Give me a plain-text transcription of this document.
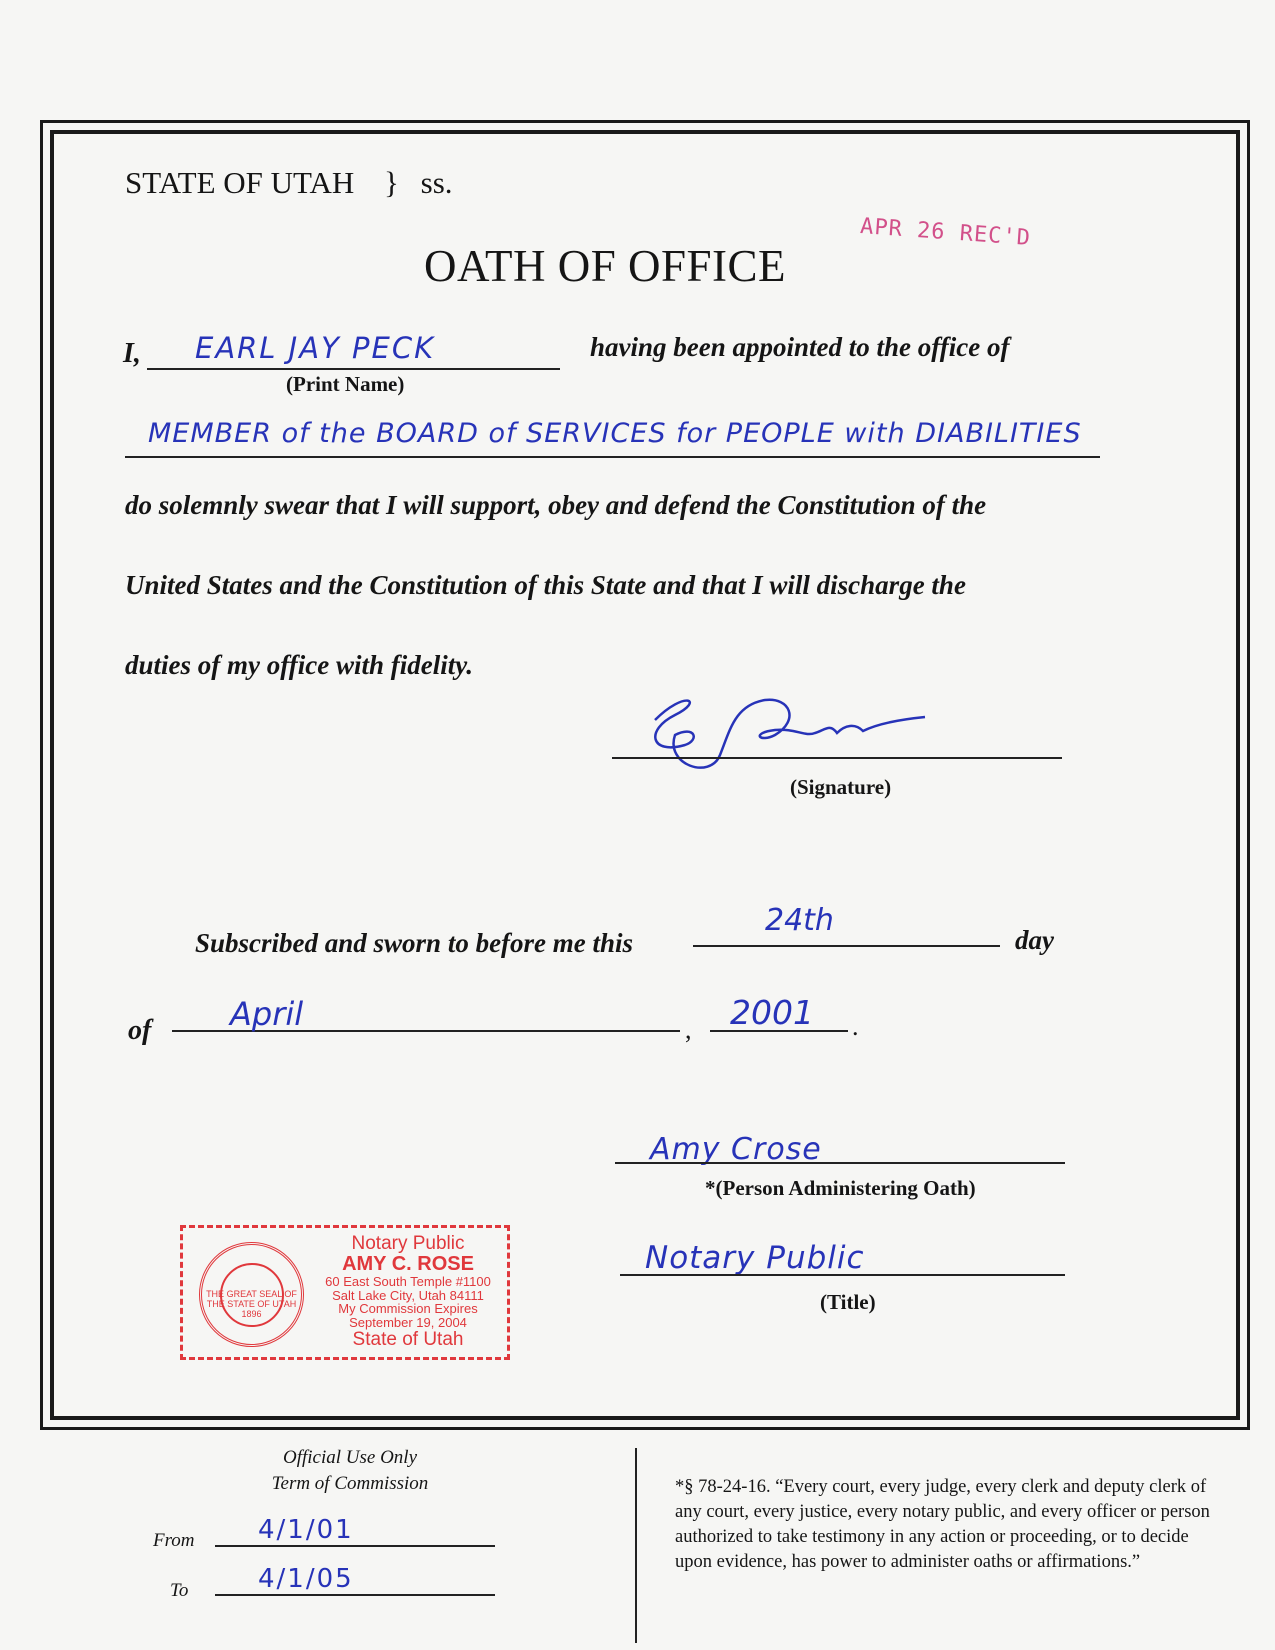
STATE OF UTAH } ss.
OATH OF OFFICE
APR 26 REC'D
I, EARL JAY PECK
(Print Name)
having been appointed to the office of
MEMBER of the BOARD of SERVICES for PEOPLE with DIABILITIES
do solemnly swear that I will support, obey and defend the Constitution of the
United States and the Constitution of this State and that I will discharge the
duties of my office with fidelity.
(Signature)
Subscribed and sworn to before me this
24th
day
of April	, 2001 .
Amy Crose
*(Person Administering Oath)
Notary Public
(Title)
THE GREAT SEAL OF THE STATE OF UTAH 1896
Notary Public
AMY C. ROSE
60 East South Temple #1100
Salt Lake City, Utah 84111
My Commission Expires
September 19, 2004
State of Utah
Official Use Only
Term of Commission
From 4/1/01
To	4/1/05
*§ 78-24-16. “Every court, every judge, every clerk and deputy clerk of any court, every justice, every notary public, and every officer or person authorized to take testimony in any action or proceeding, or to decide upon evidence, has power to administer oaths or affirmations.”
